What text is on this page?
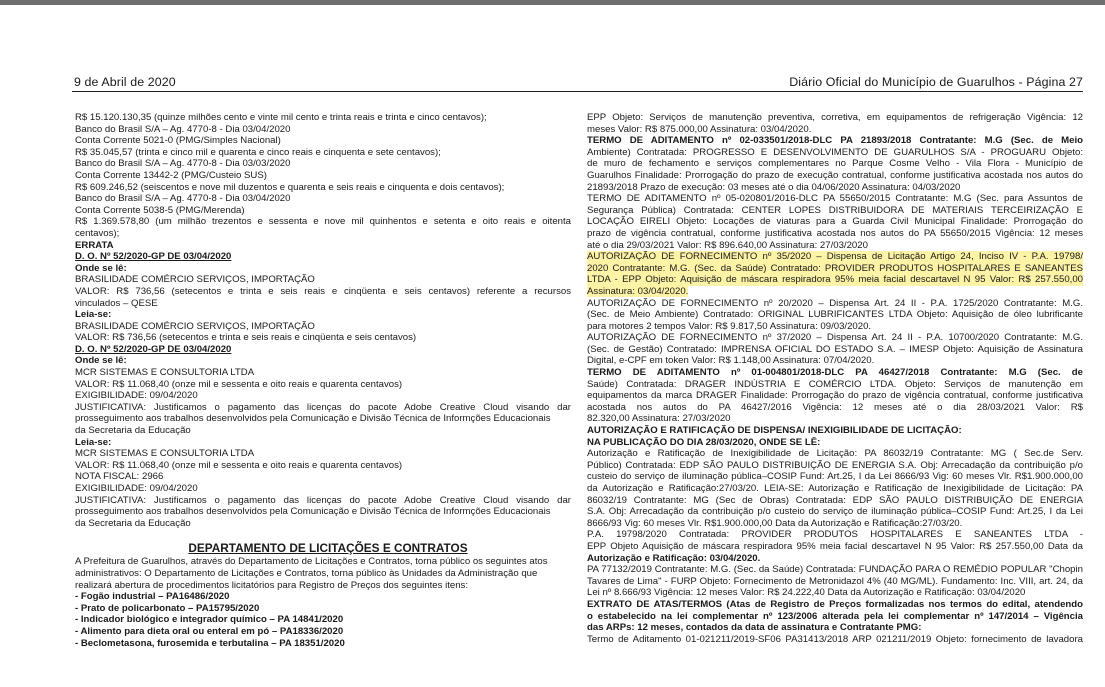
9 de Abril de 2020	Diário Oficial do Município de Guarulhos - Página 27
R$ 15.120.130,35 (quinze milhões cento e vinte mil cento e trinta reais e trinta e cinco centavos);
Banco do Brasil S/A – Ag. 4770-8 - Dia 03/04/2020
Conta Corrente 5021-0 (PMG/Simples Nacional)
R$ 35.045,57 (trinta e cinco mil e quarenta e cinco reais e cinquenta e sete centavos);
Banco do Brasil S/A – Ag. 4770-8 - Dia 03/03/2020
Conta Corrente 13442-2 (PMG/Custeio SUS)
R$ 609.246,52 (seiscentos e nove mil duzentos e quarenta e seis reais e cinquenta e dois centavos);
Banco do Brasil S/A – Ag. 4770-8 - Dia 03/04/2020
Conta Corrente 5038-5 (PMG/Merenda)
R$ 1.369.578,80 (um milhão trezentos e sessenta e nove mil quinhentos e setenta e oito reais e oitenta
centavos);
ERRATA
D. O. Nº 52/2020-GP DE 03/04/2020
Onde se lê:
BRASILIDADE COMÉRCIO SERVIÇOS, IMPORTAÇÃO
VALOR: R$ 736,56 (setecentos e trinta e seis reais e cinqüenta e seis centavos) referente a recursos
vinculados – QESE
Leia-se:
BRASILIDADE COMÉRCIO SERVIÇOS, IMPORTAÇÃO
VALOR: R$ 736,56 (setecentos e trinta e seis reais e cinqüenta e seis centavos)
D. O. Nº 52/2020-GP DE 03/04/2020
Onde se lê:
MCR SISTEMAS E CONSULTORIA LTDA
VALOR: R$ 11.068,40 (onze mil e sessenta e oito reais e quarenta centavos)
EXIGIBILIDADE: 09/04/2020
JUSTIFICATIVA: Justificamos o pagamento das licenças do pacote Adobe Creative Cloud visando dar
prosseguimento aos trabalhos desenvolvidos pela Comunicação e Divisão Técnica de Informções Educacionais
da Secretaria da Educação
Leia-se:
MCR SISTEMAS E CONSULTORIA LTDA
VALOR: R$ 11.068,40 (onze mil e sessenta e oito reais e quarenta centavos)
NOTA FISCAL: 2966
EXIGIBILIDADE: 09/04/2020
JUSTIFICATIVA: Justificamos o pagamento das licenças do pacote Adobe Creative Cloud visando dar
prosseguimento aos trabalhos desenvolvidos pela Comunicação e Divisão Técnica de Informções Educacionais
da Secretaria da Educação
DEPARTAMENTO DE LICITAÇÕES E CONTRATOS
A Prefeitura de Guarulhos, através do Departamento de Licitações e Contratos, torna público os seguintes atos
administrativos: O Departamento de Licitações e Contratos, torna público às Unidades da Administração que
realizará abertura de procedimentos licitatórios para Registro de Preços dos seguintes itens:
- Fogão industrial – PA16486/2020
- Prato de policarbonato – PA15795/2020
- Indicador biológico e integrador químico – PA 14841/2020
- Alimento para dieta oral ou enteral em pó – PA18336/2020
- Beclometasona, furosemida e terbutalina – PA 18351/2020
EPP Objeto: Serviços de manutenção preventiva, corretiva, em equipamentos de refrigeração Vigência: 12
meses Valor: R$ 875.000,00 Assinatura: 03/04/2020.
TERMO DE ADITAMENTO nº 02-033501/2018-DLC PA 21893/2018 Contratante: M.G (Sec. de Meio
Ambiente) Contratada: PROGRESSO E DESENVOLVIMENTO DE GUARULHOS S/A - PROGUARU Objeto:
de muro de fechamento e serviços complementares no Parque Cosme Velho - Vila Flora - Município de
Guarulhos Finalidade: Prorrogação do prazo de execução contratual, conforme justificativa acostada nos autos do
21893/2018 Prazo de execução: 03 meses até o dia 04/06/2020 Assinatura: 04/03/2020
TERMO DE ADITAMENTO nº 05-020801/2016-DLC PA 55650/2015 Contratante: M.G (Sec. para Assuntos de
Segurança Pública) Contratada: CENTER LOPES DISTRIBUIDORA DE MATERIAIS TERCEIRIZAÇÃO E
LOCAÇÃO EIRELI Objeto: Locações de viaturas para a Guarda Civil Municipal Finalidade: Prorrogação do
prazo de vigência contratual, conforme justificativa acostada nos autos do PA 55650/2015 Vigência: 12 meses
até o dia 29/03/2021 Valor: R$ 896.640,00 Assinatura: 27/03/2020
AUTORIZAÇÃO DE FORNECIMENTO nº 35/2020 – Dispensa de Licitação Artigo 24, Inciso IV - P.A. 19798/
2020 Contratante: M.G. (Sec. da Saúde) Contratado: PROVIDER PRODUTOS HOSPITALARES E SANEANTES
LTDA - EPP Objeto: Aquisição de máscara respiradora 95% meia facial descartavel N 95 Valor: R$ 257.550,00
Assinatura: 03/04/2020.
AUTORIZAÇÃO DE FORNECIMENTO nº 20/2020 – Dispensa Art. 24 II - P.A. 1725/2020 Contratante: M.G.
(Sec. de Meio Ambiente) Contratado: ORIGINAL LUBRIFICANTES LTDA Objeto: Aquisição de óleo lubrificante
para motores 2 tempos Valor: R$ 9.817,50 Assinatura: 09/03/2020.
AUTORIZAÇÃO DE FORNECIMENTO nº 37/2020 – Dispensa Art. 24 II - P.A. 10700/2020 Contratante: M.G.
(Sec. de Gestão) Contratado: IMPRENSA OFICIAL DO ESTADO S.A. – IMESP Objeto: Aquisição de Assinatura
Digital, e-CPF em token Valor: R$ 1.148,00 Assinatura: 07/04/2020.
TERMO DE ADITAMENTO nº 01-004801/2018-DLC PA 46427/2018 Contratante: M.G (Sec. de
Saúde) Contratada: DRAGER INDÚSTRIA E COMÉRCIO LTDA. Objeto: Serviços de manutenção em
equipamentos da marca DRAGER Finalidade: Prorrogação do prazo de vigência contratual, conforme justificativa
acostada nos autos do PA 46427/2016 Vigência: 12 meses até o dia 28/03/2021 Valor: R$
82.320,00 Assinatura: 27/03/2020
AUTORIZAÇÃO E RATIFICAÇÃO DE DISPENSA/ INEXIGIBILIDADE DE LICITAÇÃO:
NA PUBLICAÇÃO DO DIA 28/03/2020, ONDE SE LÊ:
Autorização e Ratificação de Inexigibilidade de Licitação: PA 86032/19 Contratante: MG ( Sec.de Serv.
Público) Contratada: EDP SÃO PAULO DISTRIBUIÇÃO DE ENERGIA S.A. Obj: Arrecadação da contribuição p/o
custeio do serviço de iluminação pública–COSIP Fund: Art.25, I da Lei 8666/93 Vig: 60 meses Vlr. R$1.900.000,00
da Autorização e Ratificação:27/03/20. LEIA-SE: Autorização e Ratificação de Inexigibilidade de Licitação: PA
86032/19 Contratante: MG (Sec de Obras) Contratada: EDP SÃO PAULO DISTRIBUIÇÃO DE ENERGIA
S.A. Obj: Arrecadação da contribuição p/o custeio do serviço de iluminação pública–COSIP Fund: Art.25, I da Lei
8666/93 Vig: 60 meses Vlr. R$1.900.000,00 Data da Autorização e Ratificação:27/03/20.
P.A. 19798/2020 Contratada: PROVIDER PRODUTOS HOSPITALARES E SANEANTES LTDA -
EPP Objeto Aquisição de máscara respiradora 95% meia facial descartavel N 95 Valor: R$ 257.550,00 Data da
Autorização e Ratificação: 03/04/2020.
PA 77132/2019 Contratante: M.G. (Sec. da Saúde) Contratada: FUNDAÇÃO PARA O REMÉDIO POPULAR "Chopin
Tavares de Lima" - FURP Objeto: Fornecimento de Metronidazol 4% (40 MG/ML). Fundamento: Inc. VIII, art. 24, da
Lei nº 8.666/93 Vigência: 12 meses Valor: R$ 24.222,40 Data da Autorização e Ratificação: 03/04/2020
EXTRATO DE ATAS/TERMOS (Atas de Registro de Preços formalizadas nos termos do edital, atendendo
o estabelecido na lei complementar nº 123/2006 alterada pela lei complementar nº 147/2014 – Vigência
das ARPs: 12 meses, contados da data de assinatura e Contratante PMG:
Termo de Aditamento 01-021211/2019-SF06 PA31413/2018 ARP 021211/2019 Objeto: fornecimento de lavadora
